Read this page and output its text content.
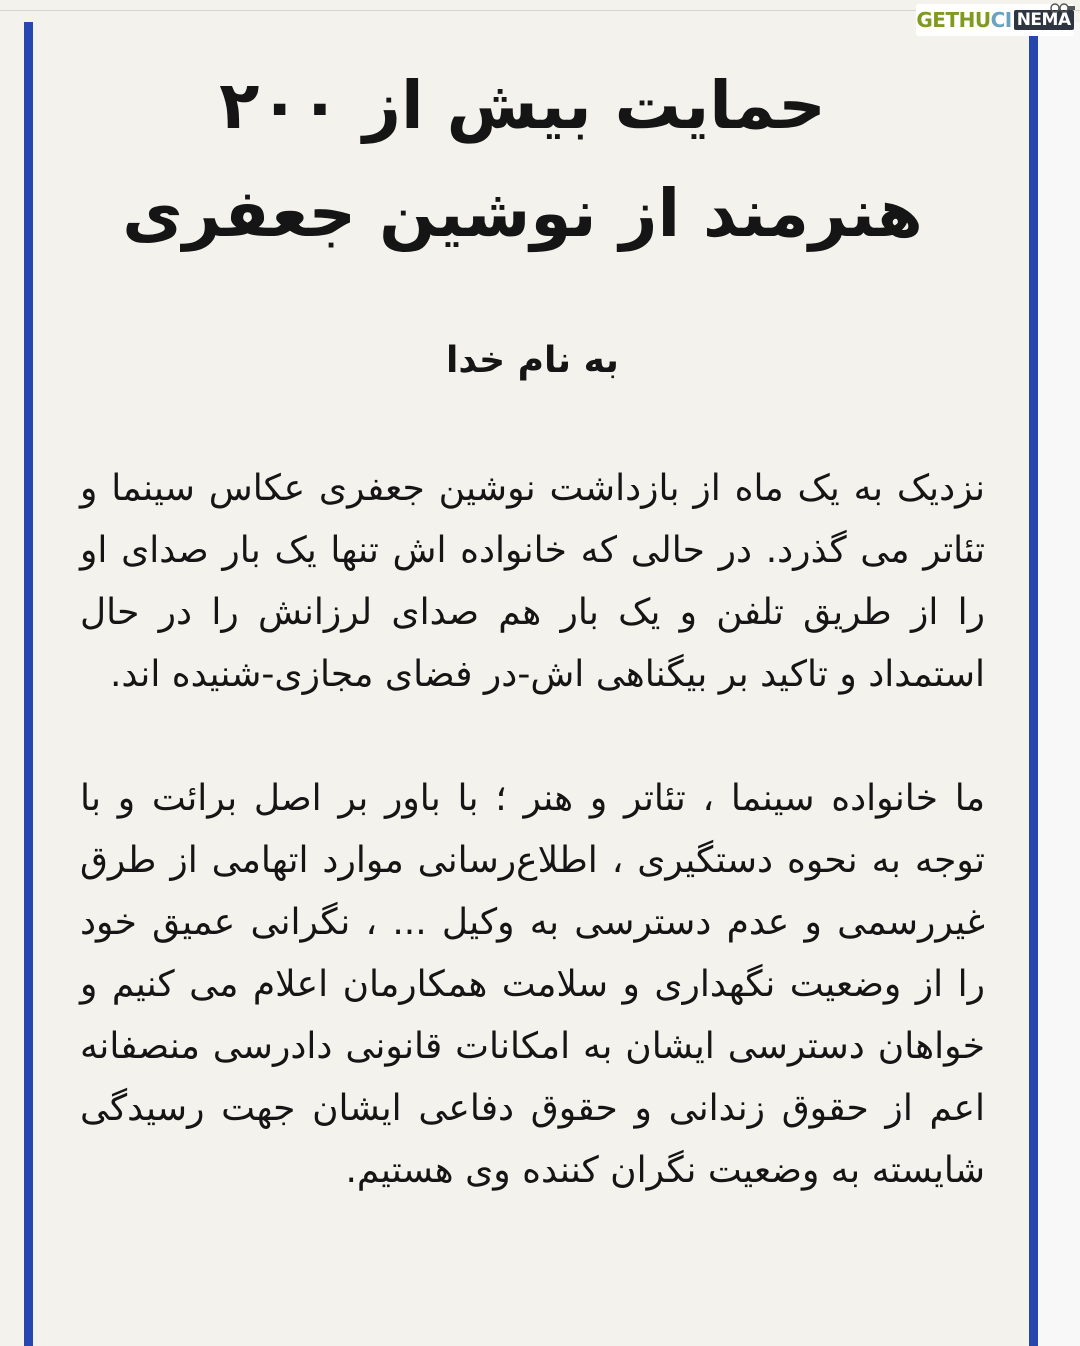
GETHU CI NEMA
حمایت بیش از ۲۰۰ هنرمند از نوشین جعفری

به نام خدا

نزدیک به یک ماه از بازداشت نوشین جعفری عکاس سینما و تئاتر می گذرد. در حالی که خانواده اش تنها یک بار صدای او را از طریق تلفن و یک بار هم صدای لرزانش را در حال استمداد و تاکید بر بیگناهی اش-در فضای مجازی-شنیده اند.

ما خانواده سینما ، تئاتر و هنر ؛ با باور بر اصل برائت و با توجه به نحوه دستگیری ، اطلاع‌رسانی موارد اتهامی از طرق غیررسمی و عدم دسترسی به وکیل ... ، نگرانی عمیق خود را از وضعیت نگهداری و سلامت همکارمان اعلام می کنیم و خواهان دسترسی ایشان به امکانات قانونی دادرسی منصفانه اعم از حقوق زندانی و حقوق دفاعی ایشان جهت رسیدگی شایسته به وضعیت نگران کننده وی هستیم.
